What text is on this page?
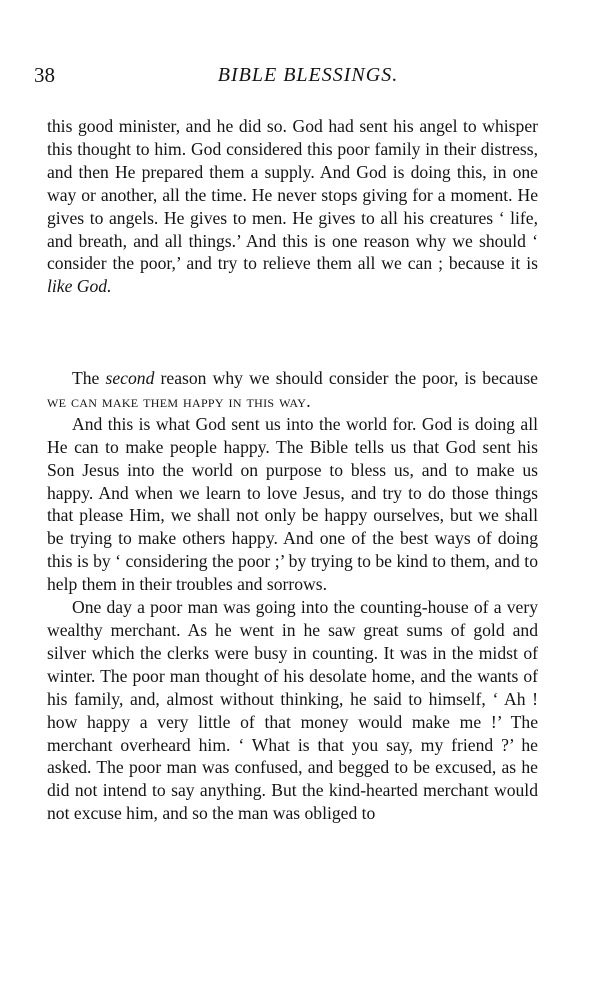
38	BIBLE BLESSINGS.

this good minister, and he did so. God had sent his angel to whisper this thought to him. God considered this poor family in their distress, and then He prepared them a supply. And God is doing this, in one way or another, all the time. He never stops giving for a moment. He gives to angels. He gives to men. He gives to all his creatures ‘ life, and breath, and all things.’ And this is one reason why we should ‘ consider the poor,’ and try to relieve them all we can ; because it is like God.

The second reason why we should consider the poor, is because we can make them happy in this way.

And this is what God sent us into the world for. God is doing all He can to make people happy. The Bible tells us that God sent his Son Jesus into the world on purpose to bless us, and to make us happy. And when we learn to love Jesus, and try to do those things that please Him, we shall not only be happy ourselves, but we shall be trying to make others happy. And one of the best ways of doing this is by ‘ considering the poor ;’ by trying to be kind to them, and to help them in their troubles and sorrows.

One day a poor man was going into the counting-house of a very wealthy merchant. As he went in he saw great sums of gold and silver which the clerks were busy in counting. It was in the midst of winter. The poor man thought of his desolate home, and the wants of his family, and, almost without thinking, he said to himself, ‘ Ah ! how happy a very little of that money would make me !’ The merchant overheard him. ‘ What is that you say, my friend ?’ he asked. The poor man was confused, and begged to be excused, as he did not intend to say anything. But the kind-hearted merchant would not excuse him, and so the man was obliged to
